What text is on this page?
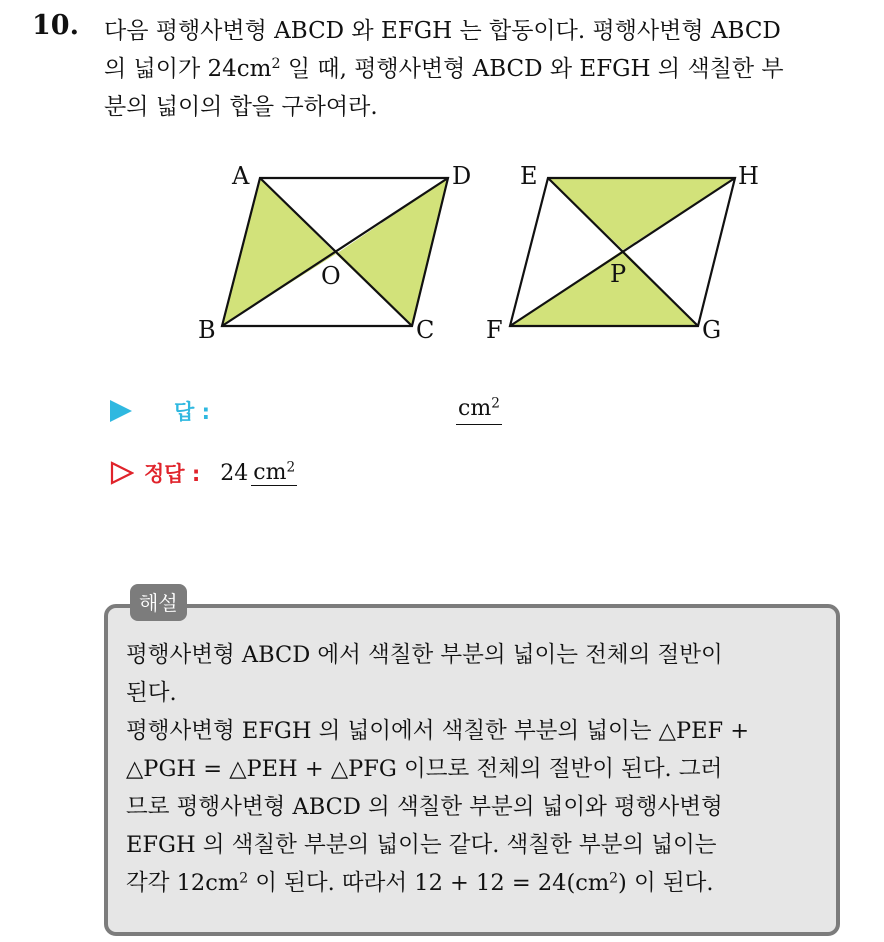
10. 다음 평행사변형 ABCD 와 EFGH 는 합동이다. 평행사변형 ABCD
의 넓이가 $24cm^2$ 일 때, 평행사변형 ABCD 와 EFGH 의 색칠한 부
분의 넓이의 합을 구하여라.
A	D
B	C
O
E	H
F	G
P
답 :	$cm^2$
정답 : 24 $cm^2$
해설
평행사변형 ABCD 에서 색칠한 부분의 넓이는 전체의 절반이
된다.
평행사변형 EFGH 의 넓이에서 색칠한 부분의 넓이는 △PEF +
△PGH = △PEH + △PFG 이므로 전체의 절반이 된다. 그러
므로 평행사변형 ABCD 의 색칠한 부분의 넓이와 평행사변형
EFGH 의 색칠한 부분의 넓이는 같다. 색칠한 부분의 넓이는
각각 $12cm^2$ 이 된다. 따라서 $12 + 12 = 24(cm^2)$ 이 된다.
